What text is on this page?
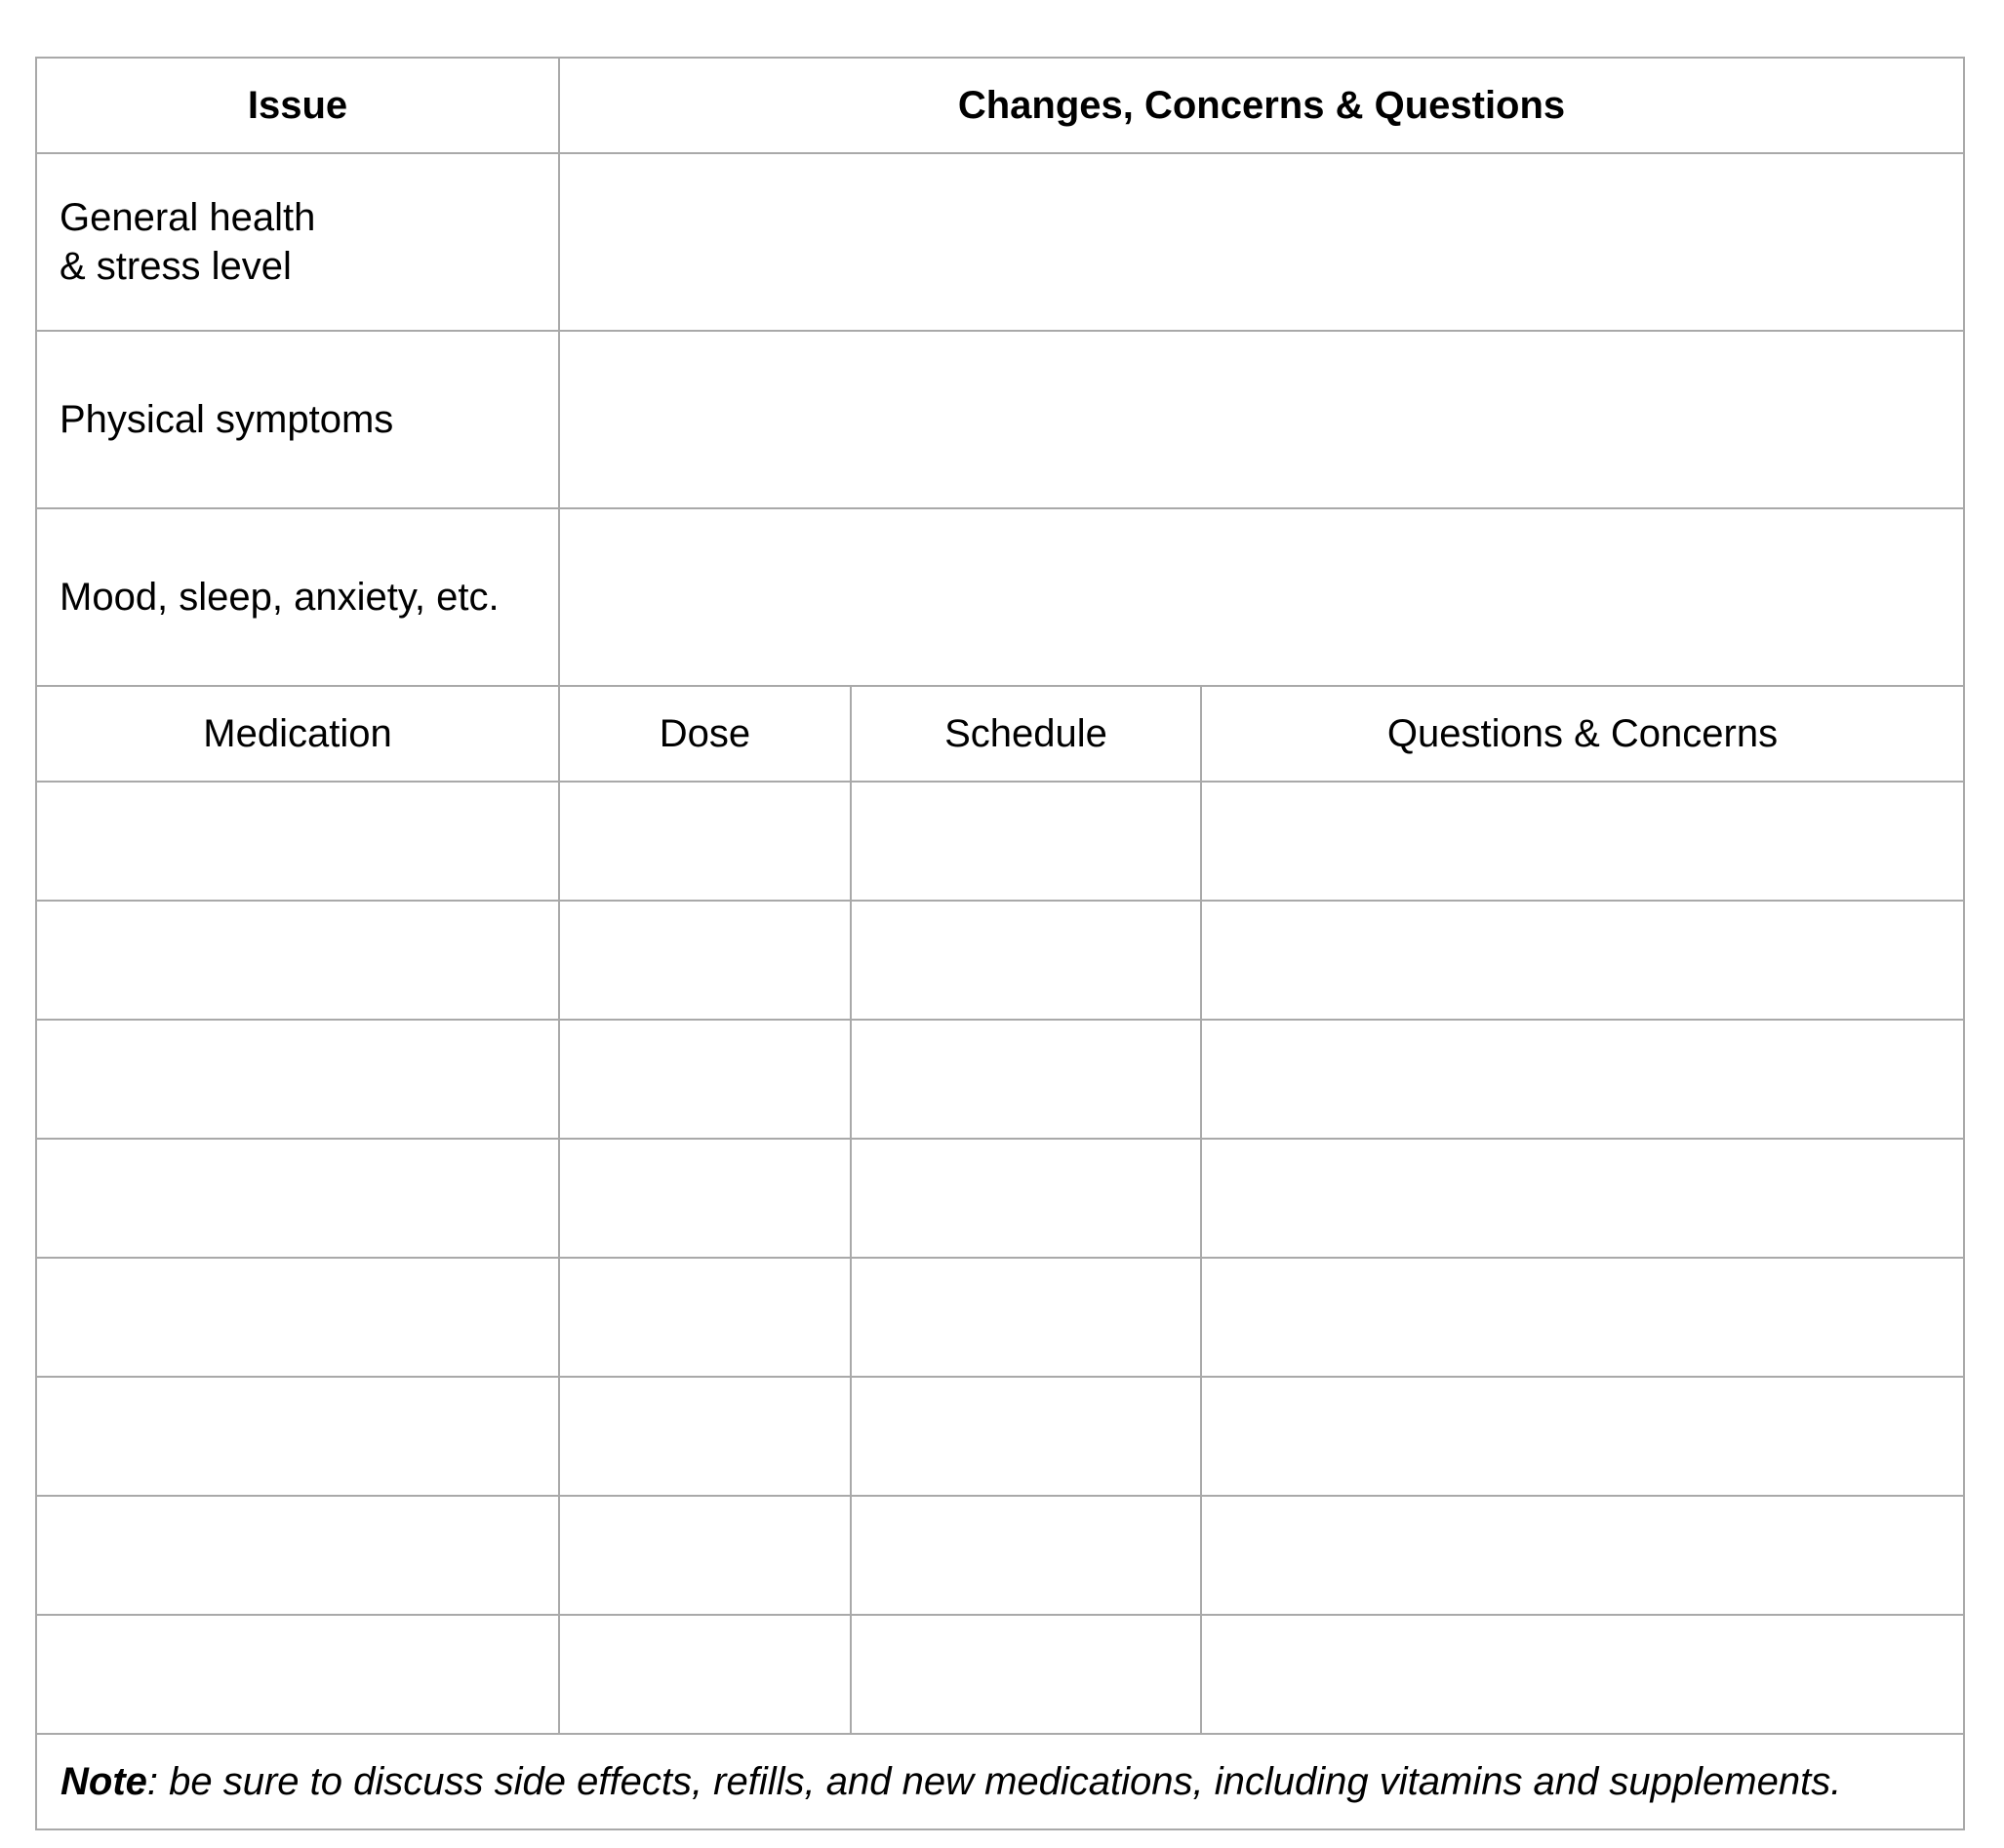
Issue	Changes, Concerns & Questions		

General health
& stress level			

Physical symptoms			

Mood, sleep, anxiety, etc.			

Medication	Dose	Schedule	Questions & Concerns

Note: be sure to discuss side effects, refills, and new medications, including vitamins and supplements.			
